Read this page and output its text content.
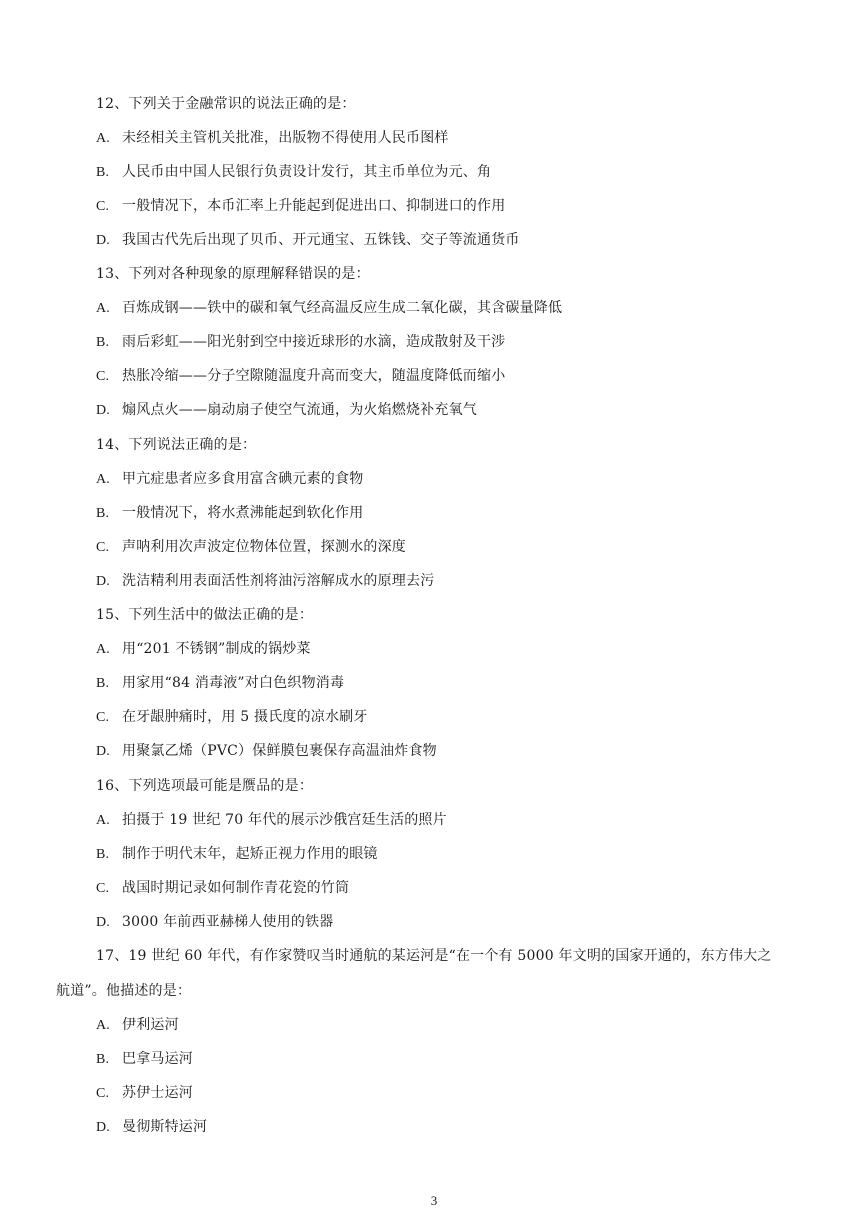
12、下列关于金融常识的说法正确的是：
A. 未经相关主管机关批准，出版物不得使用人民币图样
B. 人民币由中国人民银行负责设计发行，其主币单位为元、角
C. 一般情况下，本币汇率上升能起到促进出口、抑制进口的作用
D. 我国古代先后出现了贝币、开元通宝、五铢钱、交子等流通货币
13、下列对各种现象的原理解释错误的是：
A. 百炼成钢——铁中的碳和氧气经高温反应生成二氧化碳，其含碳量降低
B. 雨后彩虹——阳光射到空中接近球形的水滴，造成散射及干涉
C. 热胀冷缩——分子空隙随温度升高而变大，随温度降低而缩小
D. 煽风点火——扇动扇子使空气流通，为火焰燃烧补充氧气
14、下列说法正确的是：
A. 甲亢症患者应多食用富含碘元素的食物
B. 一般情况下，将水煮沸能起到软化作用
C. 声呐利用次声波定位物体位置，探测水的深度
D. 洗洁精利用表面活性剂将油污溶解成水的原理去污
15、下列生活中的做法正确的是：
A. 用“201 不锈钢”制成的锅炒菜
B. 用家用“84 消毒液”对白色织物消毒
C. 在牙龈肿痛时，用 5 摄氏度的凉水刷牙
D. 用聚氯乙烯（PVC）保鲜膜包裹保存高温油炸食物
16、下列选项最可能是赝品的是：
A. 拍摄于 19 世纪 70 年代的展示沙俄宫廷生活的照片
B. 制作于明代末年，起矫正视力作用的眼镜
C. 战国时期记录如何制作青花瓷的竹筒
D. 3000 年前西亚赫梯人使用的铁器
17、19 世纪 60 年代，有作家赞叹当时通航的某运河是“在一个有 5000 年文明的国家开通的，东方伟大之
航道”。他描述的是：
A. 伊利运河
B. 巴拿马运河
C. 苏伊士运河
D. 曼彻斯特运河
3
